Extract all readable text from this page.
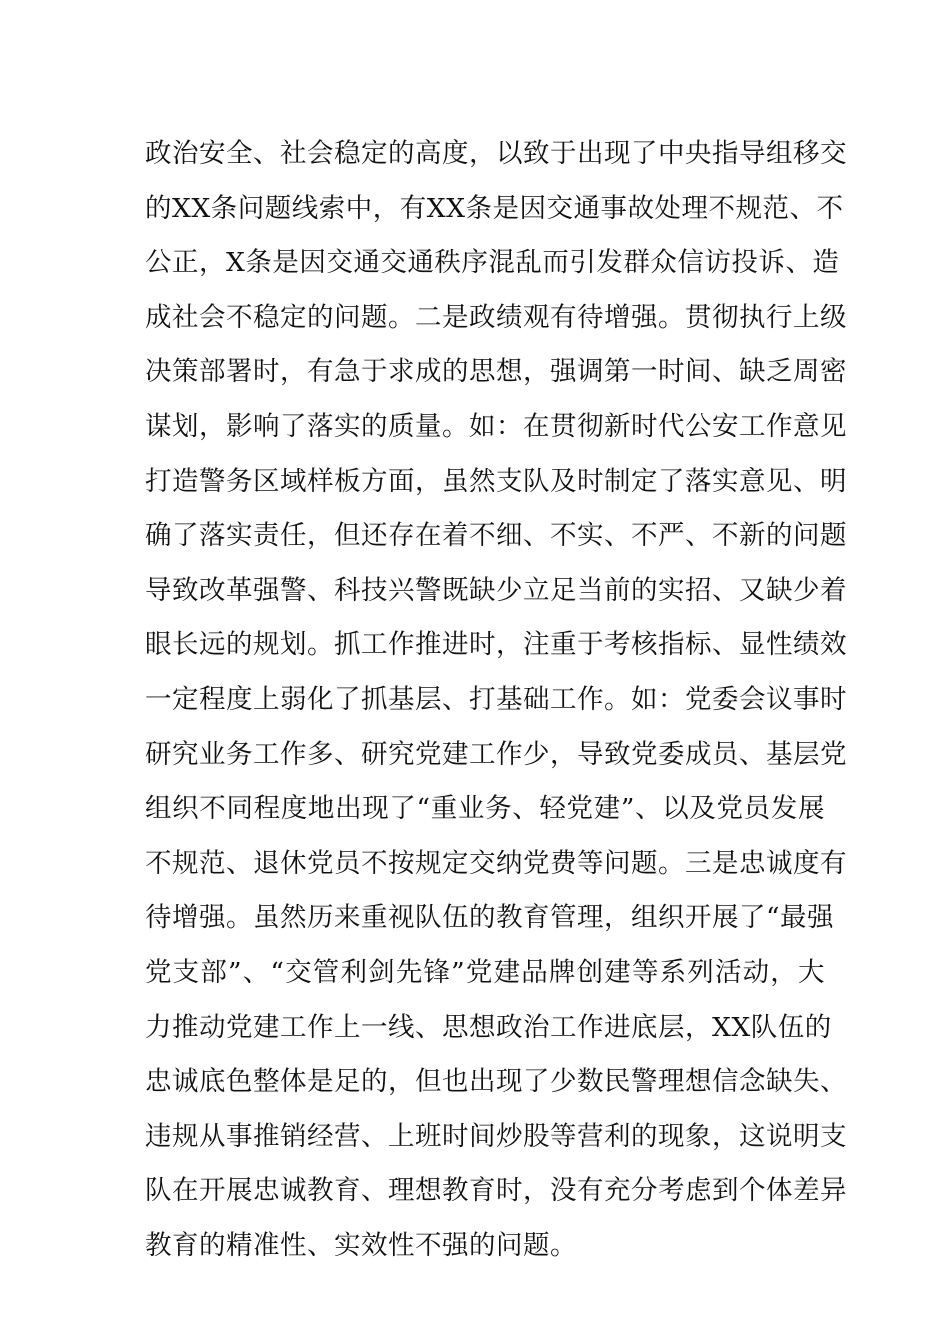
政治安全、社会稳定的高度，以致于出现了中央指导组移交
的XX条问题线索中，有XX条是因交通事故处理不规范、不
公正，X条是因交通交通秩序混乱而引发群众信访投诉、造
成社会不稳定的问题。二是政绩观有待增强。贯彻执行上级
决策部署时，有急于求成的思想，强调第一时间、缺乏周密
谋划，影响了落实的质量。如：在贯彻新时代公安工作意见
打造警务区域样板方面，虽然支队及时制定了落实意见、明
确了落实责任，但还存在着不细、不实、不严、不新的问题
导致改革强警、科技兴警既缺少立足当前的实招、又缺少着
眼长远的规划。抓工作推进时，注重于考核指标、显性绩效
一定程度上弱化了抓基层、打基础工作。如：党委会议事时
研究业务工作多、研究党建工作少，导致党委成员、基层党
组织不同程度地出现了“重业务、轻党建”、以及党员发展
不规范、退休党员不按规定交纳党费等问题。三是忠诚度有
待增强。虽然历来重视队伍的教育管理，组织开展了“最强
党支部”、“交管利剑先锋”党建品牌创建等系列活动，大
力推动党建工作上一线、思想政治工作进底层，XX队伍的
忠诚底色整体是足的，但也出现了少数民警理想信念缺失、
违规从事推销经营、上班时间炒股等营利的现象，这说明支
队在开展忠诚教育、理想教育时，没有充分考虑到个体差异
教育的精准性、实效性不强的问题。
